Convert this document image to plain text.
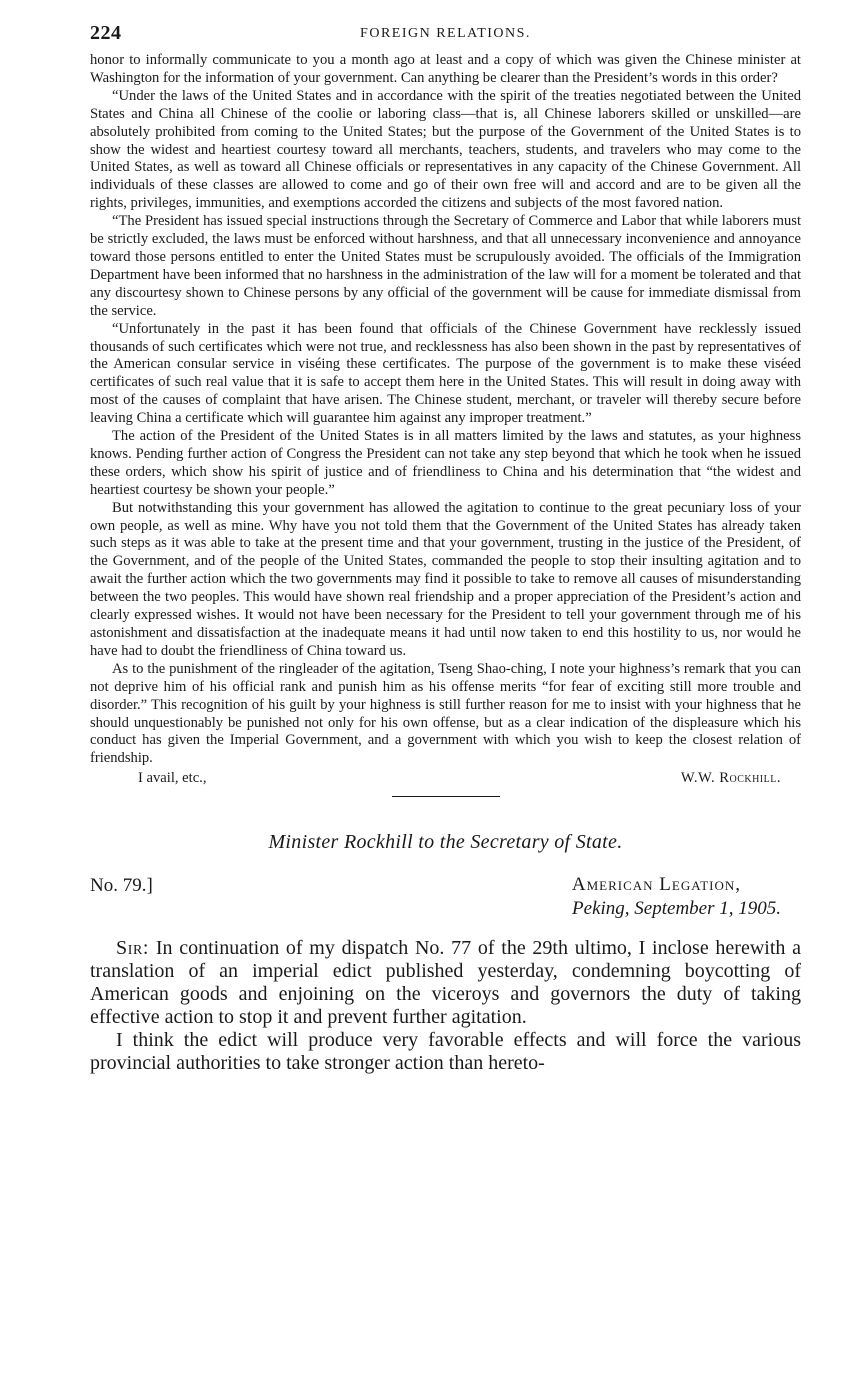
224	FOREIGN RELATIONS.

honor to informally communicate to you a month ago at least and a copy of which was given the Chinese minister at Washington for the information of your government. Can anything be clearer than the President’s words in this order?

“Under the laws of the United States and in accordance with the spirit of the treaties negotiated between the United States and China all Chinese of the coolie or laboring class—that is, all Chinese laborers skilled or unskilled—are absolutely prohibited from coming to the United States; but the purpose of the Government of the United States is to show the widest and heartiest courtesy toward all merchants, teachers, students, and travelers who may come to the United States, as well as toward all Chinese officials or representatives in any capacity of the Chinese Government. All individuals of these classes are allowed to come and go of their own free will and accord and are to be given all the rights, privileges, immunities, and exemptions accorded the citizens and subjects of the most favored nation.

“The President has issued special instructions through the Secretary of Commerce and Labor that while laborers must be strictly excluded, the laws must be enforced without harshness, and that all unnecessary inconvenience and annoyance toward those persons entitled to enter the United States must be scrupulously avoided. The officials of the Immigration Department have been informed that no harshness in the administration of the law will for a moment be tolerated and that any discourtesy shown to Chinese persons by any official of the government will be cause for immediate dismissal from the service.

“Unfortunately in the past it has been found that officials of the Chinese Government have recklessly issued thousands of such certificates which were not true, and recklessness has also been shown in the past by representatives of the American consular service in viséing these certificates. The purpose of the government is to make these viséed certificates of such real value that it is safe to accept them here in the United States. This will result in doing away with most of the causes of complaint that have arisen. The Chinese student, merchant, or traveler will thereby secure before leaving China a certificate which will guarantee him against any improper treatment.”

The action of the President of the United States is in all matters limited by the laws and statutes, as your highness knows. Pending further action of Congress the President can not take any step beyond that which he took when he issued these orders, which show his spirit of justice and of friendliness to China and his determination that “the widest and heartiest courtesy be shown your people.”

But notwithstanding this your government has allowed the agitation to continue to the great pecuniary loss of your own people, as well as mine. Why have you not told them that the Government of the United States has already taken such steps as it was able to take at the present time and that your government, trusting in the justice of the President, of the Government, and of the people of the United States, commanded the people to stop their insulting agitation and to await the further action which the two governments may find it possible to take to remove all causes of misunderstanding between the two peoples. This would have shown real friendship and a proper appreciation of the President’s action and clearly expressed wishes. It would not have been necessary for the President to tell your government through me of his astonishment and dissatisfaction at the inadequate means it had until now taken to end this hostility to us, nor would he have had to doubt the friendliness of China toward us.

As to the punishment of the ringleader of the agitation, Tseng Shao-ching, I note your highness’s remark that you can not deprive him of his official rank and punish him as his offense merits “for fear of exciting still more trouble and disorder.” This recognition of his guilt by your highness is still further reason for me to insist with your highness that he should unquestionably be punished not only for his own offense, but as a clear indication of the displeasure which his conduct has given the Imperial Government, and a government with which you wish to keep the closest relation of friendship.

I avail, etc.,	W.W. Rockhill.
Minister Rockhill to the Secretary of State.
No. 79.]	American Legation,
Peking, September 1, 1905.

Sir: In continuation of my dispatch No. 77 of the 29th ultimo, I inclose herewith a translation of an imperial edict published yesterday, condemning boycotting of American goods and enjoining on the viceroys and governors the duty of taking effective action to stop it and prevent further agitation.

I think the edict will produce very favorable effects and will force the various provincial authorities to take stronger action than hereto-
